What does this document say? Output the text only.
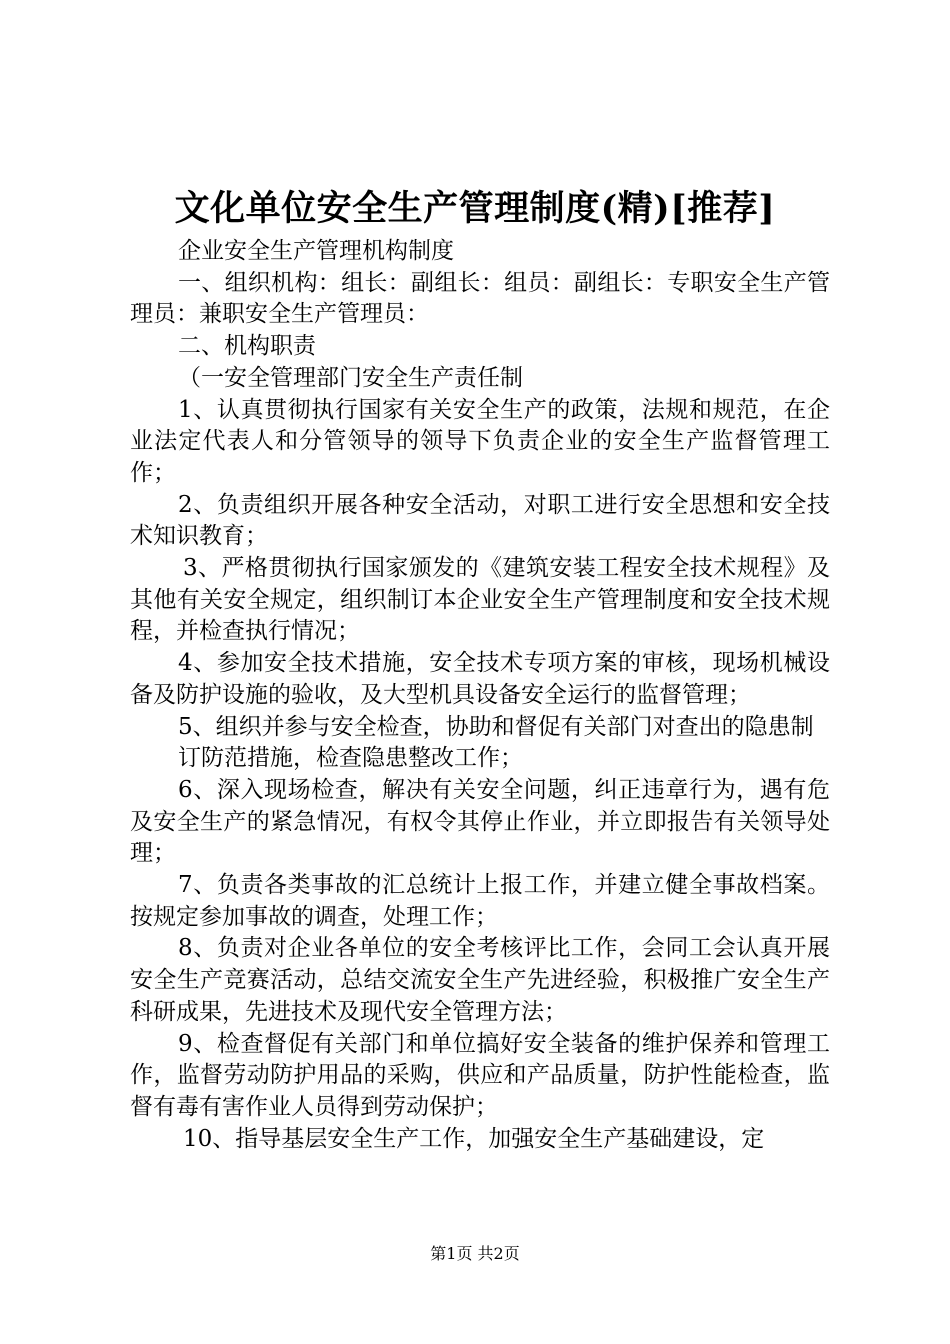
文化单位安全生产管理制度(精)[推荐]

企业安全生产管理机构制度

一、组织机构：组长：副组长：组员：副组长：专职安全生产管理员：兼职安全生产管理员：

二、机构职责

（一安全管理部门安全生产责任制

1、认真贯彻执行国家有关安全生产的政策，法规和规范，在企业法定代表人和分管领导的领导下负责企业的安全生产监督管理工作；

2、负责组织开展各种安全活动，对职工进行安全思想和安全技术知识教育；

3、严格贯彻执行国家颁发的《建筑安装工程安全技术规程》及其他有关安全规定，组织制订本企业安全生产管理制度和安全技术规程，并检查执行情况；

4、参加安全技术措施，安全技术专项方案的审核，现场机械设备及防护设施的验收，及大型机具设备安全运行的监督管理；

5、组织并参与安全检查，协助和督促有关部门对查出的隐患制

订防范措施，检查隐患整改工作；

6、深入现场检查，解决有关安全问题，纠正违章行为，遇有危及安全生产的紧急情况，有权令其停止作业，并立即报告有关领导处理；

7、负责各类事故的汇总统计上报工作，并建立健全事故档案。按规定参加事故的调查，处理工作；

8、负责对企业各单位的安全考核评比工作，会同工会认真开展安全生产竞赛活动，总结交流安全生产先进经验，积极推广安全生产科研成果，先进技术及现代安全管理方法；

9、检查督促有关部门和单位搞好安全装备的维护保养和管理工作，监督劳动防护用品的采购，供应和产品质量，防护性能检查，监督有毒有害作业人员得到劳动保护；

10、指导基层安全生产工作，加强安全生产基础建设，定

第1页 共2页
